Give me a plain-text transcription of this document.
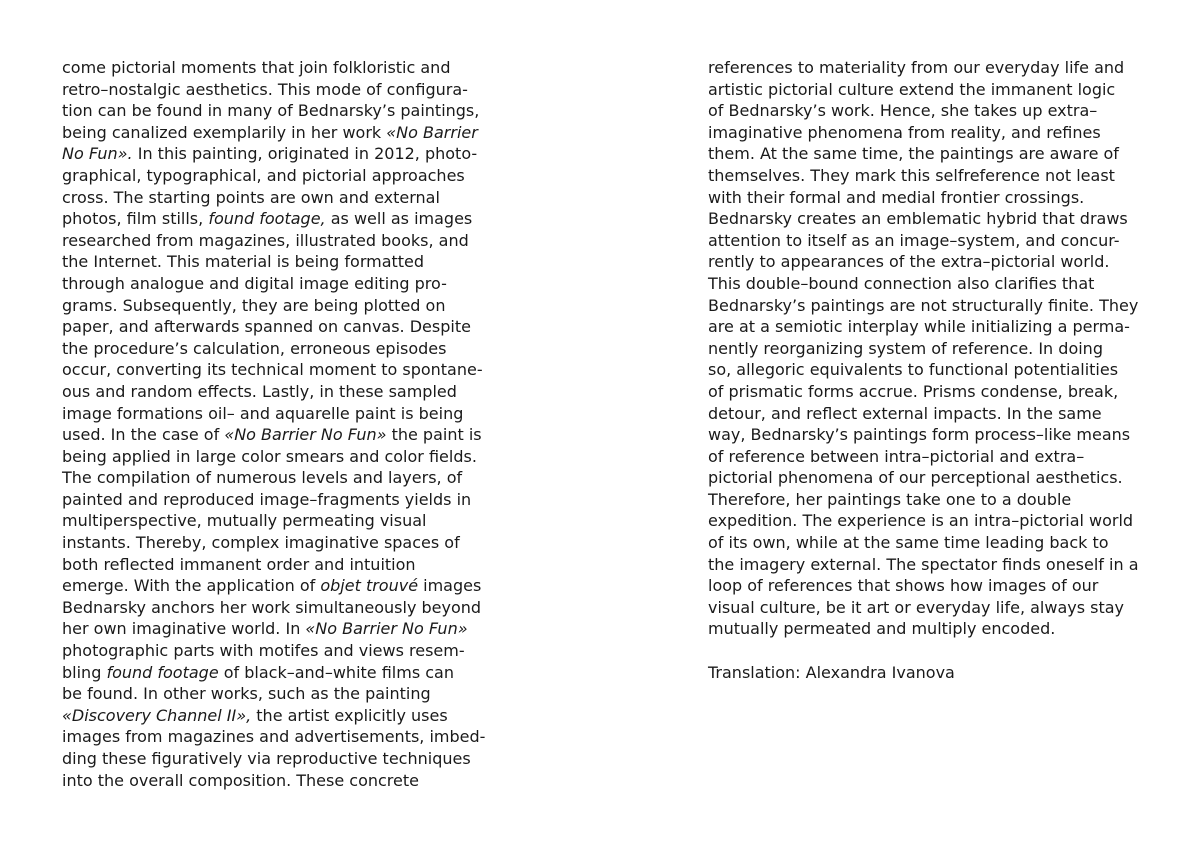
come pictorial moments that join folkloristic and
retro–nostalgic aesthetics. This mode of configura-
tion can be found in many of Bednarsky’s paintings,
being canalized exemplarily in her work «No Barrier
No Fun». In this painting, originated in 2012, photo-
graphical, typographical, and pictorial approaches
cross. The starting points are own and external
photos, film stills, found footage, as well as images
researched from magazines, illustrated books, and
the Internet. This material is being formatted
through analogue and digital image editing pro-
grams. Subsequently, they are being plotted on
paper, and afterwards spanned on canvas. Despite
the procedure’s calculation, erroneous episodes
occur, converting its technical moment to spontane-
ous and random effects. Lastly, in these sampled
image formations oil– and aquarelle paint is being
used. In the case of «No Barrier No Fun» the paint is
being applied in large color smears and color fields.
The compilation of numerous levels and layers, of
painted and reproduced image–fragments yields in
multiperspective, mutually permeating visual
instants. Thereby, complex imaginative spaces of
both reflected immanent order and intuition
emerge. With the application of objet trouvé images
Bednarsky anchors her work simultaneously beyond
her own imaginative world. In «No Barrier No Fun»
photographic parts with motifes and views resem-
bling found footage of black–and–white films can
be found. In other works, such as the painting
«Discovery Channel II», the artist explicitly uses
images from magazines and advertisements, imbed-
ding these figuratively via reproductive techniques
into the overall composition. These concrete
references to materiality from our everyday life and
artistic pictorial culture extend the immanent logic
of Bednarsky’s work. Hence, she takes up extra–
imaginative phenomena from reality, and refines
them. At the same time, the paintings are aware of
themselves. They mark this selfreference not least
with their formal and medial frontier crossings.
Bednarsky creates an emblematic hybrid that draws
attention to itself as an image–system, and concur-
rently to appearances of the extra–pictorial world.
This double–bound connection also clarifies that
Bednarsky’s paintings are not structurally finite. They
are at a semiotic interplay while initializing a perma-
nently reorganizing system of reference. In doing
so, allegoric equivalents to functional potentialities
of prismatic forms accrue. Prisms condense, break,
detour, and reflect external impacts. In the same
way, Bednarsky’s paintings form process–like means
of reference between intra–pictorial and extra–
pictorial phenomena of our perceptional aesthetics.
Therefore, her paintings take one to a double
expedition. The experience is an intra–pictorial world
of its own, while at the same time leading back to
the imagery external. The spectator finds oneself in a
loop of references that shows how images of our
visual culture, be it art or everyday life, always stay
mutually permeated and multiply encoded.
Translation: Alexandra Ivanova
